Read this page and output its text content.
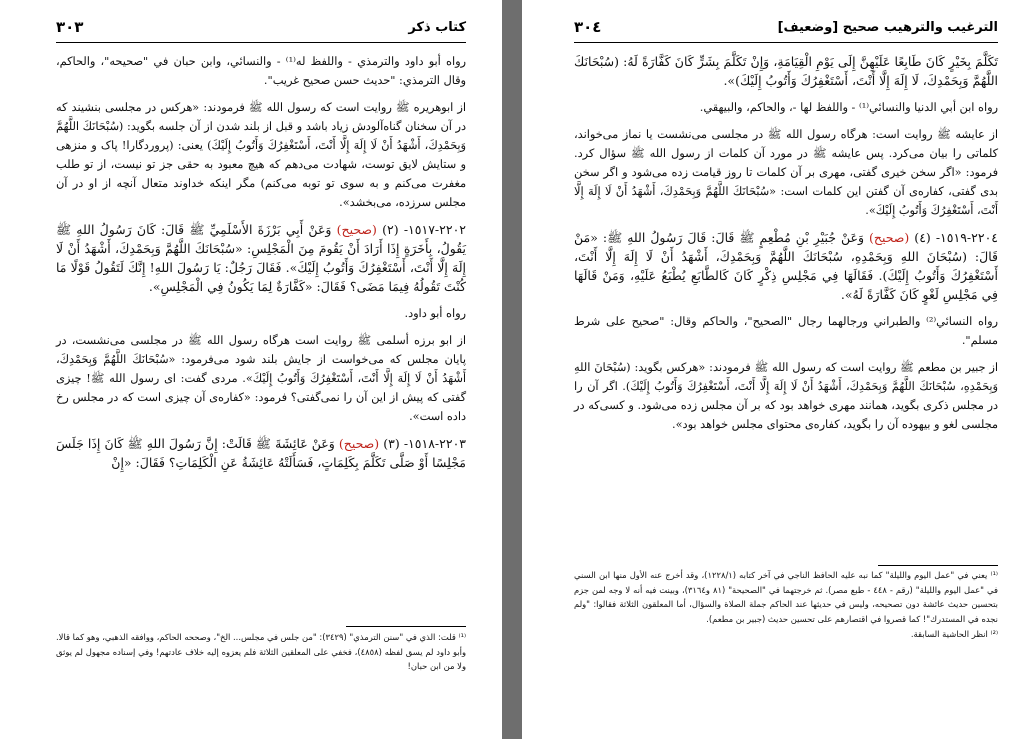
كتاب ذكر
٣٠٣

رواه أبو داود والترمذي - واللفظ له⁽¹⁾ - والنسائي، وابن حبان في "صحيحه"، والحاكم، وقال الترمذي: "حديث حسن صحيح غريب".

از ابوهریره ﷺ روایت است که رسول الله ﷺ فرمودند: «هرکس در مجلسی بنشیند که در آن سخنان گناه‌آلودش زیاد باشد و قبل از بلند شدن از آن جلسه بگوید: (سُبْحَانَكَ اللَّهُمَّ وَبِحَمْدِكَ، أَشْهَدُ أَنْ لَا إِلَهَ إِلَّا أَنْتَ، أَسْتَغْفِرُكَ وَأَتُوبُ إِلَيْكَ) یعنی: (پروردگارا! پاک و منزهی و ستایش لایق توست، شهادت می‌دهم که هیچ معبود به حقی جز تو نیست، از تو طلب مغفرت می‌کنم و به سوی تو توبه می‌کنم) مگر اینکه خداوند متعال آنچه از او در آن مجلس سرزده، می‌بخشد».

٢٢٠٢-١٥١٧- (٢) (صحيح) وَعَنْ أَبِي بَرْزَةَ الأَسْلَمِيِّ ﷺ قَالَ: كَانَ رَسُولُ اللهِ ﷺ يَقُولُ، بِأَخَرَةٍ إِذَا أَرَادَ أَنْ يَقُومَ مِنَ الْمَجْلِسِ: «سُبْحَانَكَ اللَّهُمَّ وَبِحَمْدِكَ، أَشْهَدُ أَنْ لَا إِلَهَ إِلَّا أَنْتَ، أَسْتَغْفِرُكَ وَأَتُوبُ إِلَيْكَ». فَقَالَ رَجُلٌ: يَا رَسُولَ اللهِ! إِنَّكَ لَتَقُولُ قَوْلًا مَا كُنْتَ تَقُولُهُ فِيمَا مَضَى؟ فَقَالَ: «كَفَّارَةٌ لِمَا يَكُونُ فِي الْمَجْلِسِ».

رواه أبو داود.

از ابو برزه أسلمی ﷺ روایت است هرگاه رسول الله ﷺ در مجلسی می‌نشست، در پایان مجلس که می‌خواست از جایش بلند شود می‌فرمود: «سُبْحَانَكَ اللَّهُمَّ وَبِحَمْدِكَ، أَشْهَدُ أَنْ لَا إِلَهَ إِلَّا أَنْتَ، أَسْتَغْفِرُكَ وَأَتُوبُ إِلَيْكَ». مردی گفت: ای رسول الله ﷺ! چیزی گفتی که پیش از این آن را نمی‌گفتی؟ فرمود: «کفاره‌ی آن چیزی است که در مجلس رخ داده است».

٢٢٠٣-١٥١٨- (٣) (صحيح) وَعَنْ عَائِشَةَ ﷺ قَالَتْ: إِنَّ رَسُولَ اللهِ ﷺ كَانَ إِذَا جَلَسَ مَجْلِسًا أَوْ صَلَّى تَكَلَّمَ بِكَلِمَاتٍ، فَسَأَلَتْهُ عَائِشَةُ عَنِ الْكَلِمَاتِ؟ فَقَالَ: «إِنْ

⁽¹⁾ قلت: الذي في "سنن الترمذي" (٣٤٢٩): "من جلس في مجلس... الخ"، وصححه الحاكم، ووافقه الذهبي، وهو كما قالا. وأبو داود لم يسق لفظه (٤٨٥٨)، فخفي على المعلقين الثلاثة فلم يعزوه إليه خلاف عادتهم! وفي إسناده مجهول لم يوثق ولا من ابن حبان!

الترغيب والترهيب صحيح [وضعيف]
٣٠٤

تَكَلَّمَ بِخَيْرٍ كَانَ طَابِعًا عَلَيْهِنَّ إِلَى يَوْمِ الْقِيَامَةِ، وَإِنْ تَكَلَّمَ بِشَرٍّ كَانَ كَفَّارَةً لَهُ: (سُبْحَانَكَ اللَّهُمَّ وَبِحَمْدِكَ، لَا إِلَهَ إِلَّا أَنْتَ، أَسْتَغْفِرُكَ وَأَتُوبُ إِلَيْكَ)».

رواه ابن أبي الدنيا والنسائي⁽¹⁾ - واللفظ لها -، والحاكم، والبيهقي.

از عایشه ﷺ روایت است: هرگاه رسول الله ﷺ در مجلسی می‌نشست یا نماز می‌خواند، کلماتی را بیان می‌کرد. پس عایشه ﷺ در مورد آن کلمات از رسول الله ﷺ سؤال کرد. فرمود: «اگر سخن خیری گفتی، مهری بر آن کلمات تا روز قیامت زده می‌شود و اگر سخن بدی گفتی، کفاره‌ی آن گفتن این کلمات است: «سُبْحَانَكَ اللَّهُمَّ وَبِحَمْدِكَ، أَشْهَدُ أَنْ لَا إِلَهَ إِلَّا أَنْتَ، أَسْتَغْفِرُكَ وَأَتُوبُ إِلَيْكَ».

٢٢٠٤-١٥١٩- (٤) (صحيح) وَعَنْ جُبَيْرِ بْنِ مُطْعِمٍ ﷺ قَالَ: قَالَ رَسُولُ اللهِ ﷺ: «مَنْ قَالَ: (سُبْحَانَ اللهِ وَبِحَمْدِهِ، سُبْحَانَكَ اللَّهُمَّ وَبِحَمْدِكَ، أَشْهَدُ أَنْ لَا إِلَهَ إِلَّا أَنْتَ، أَسْتَغْفِرُكَ وَأَتُوبُ إِلَيْكَ). فَقَالَهَا فِي مَجْلِسِ ذِكْرٍ كَانَ كَالطَّابَعِ يُطْبَعُ عَلَيْهِ، وَمَنْ قَالَهَا فِي مَجْلِسِ لَغْوٍ كَانَ كَفَّارَةً لَهُ».

رواه النسائي⁽²⁾ والطبراني ورجالهما رجال "الصحيح"، والحاكم وقال: "صحيح على شرط مسلم".

از جبیر بن مطعم ﷺ روایت است که رسول الله ﷺ فرمودند: «هرکس بگوید: (سُبْحَانَ اللهِ وَبِحَمْدِهِ، سُبْحَانَكَ اللَّهُمَّ وَبِحَمْدِكَ، أَشْهَدُ أَنْ لَا إِلَهَ إِلَّا أَنْتَ، أَسْتَغْفِرُكَ وَأَتُوبُ إِلَيْكَ). اگر آن را در مجلس ذکری بگوید، همانند مهری خواهد بود که بر آن مجلس زده می‌شود. و کسی‌که در مجلسی لغو و بیهوده آن را بگوید، کفاره‌ی محتوای مجلس خواهد بود».

⁽¹⁾ يعني في "عمل اليوم والليلة" كما نبه عليه الحافظ الناجي في آخر كتابه (١٢٢٨/١)، وقد أخرج عنه الأول منها ابن السني في "عمل اليوم والليلة" (رقم - ٤٤٨ - طبع مصر). ثم خرجتهما في "الصحيحة" (٨١ و٣١٦٤)، وبينت فيه أنه لا وجه لمن جزم بتحسين حديث عائشة دون تصحيحه، وليس في حديثها عند الحاكم جملة الصلاة والسؤال، أما المعلقون الثلاثة فقالوا: "ولم نجده في المستدرك"! كما قصروا في اقتصارهم على تحسين حديث (جبير بن مطعم).

⁽²⁾ انظر الحاشية السابقة.
